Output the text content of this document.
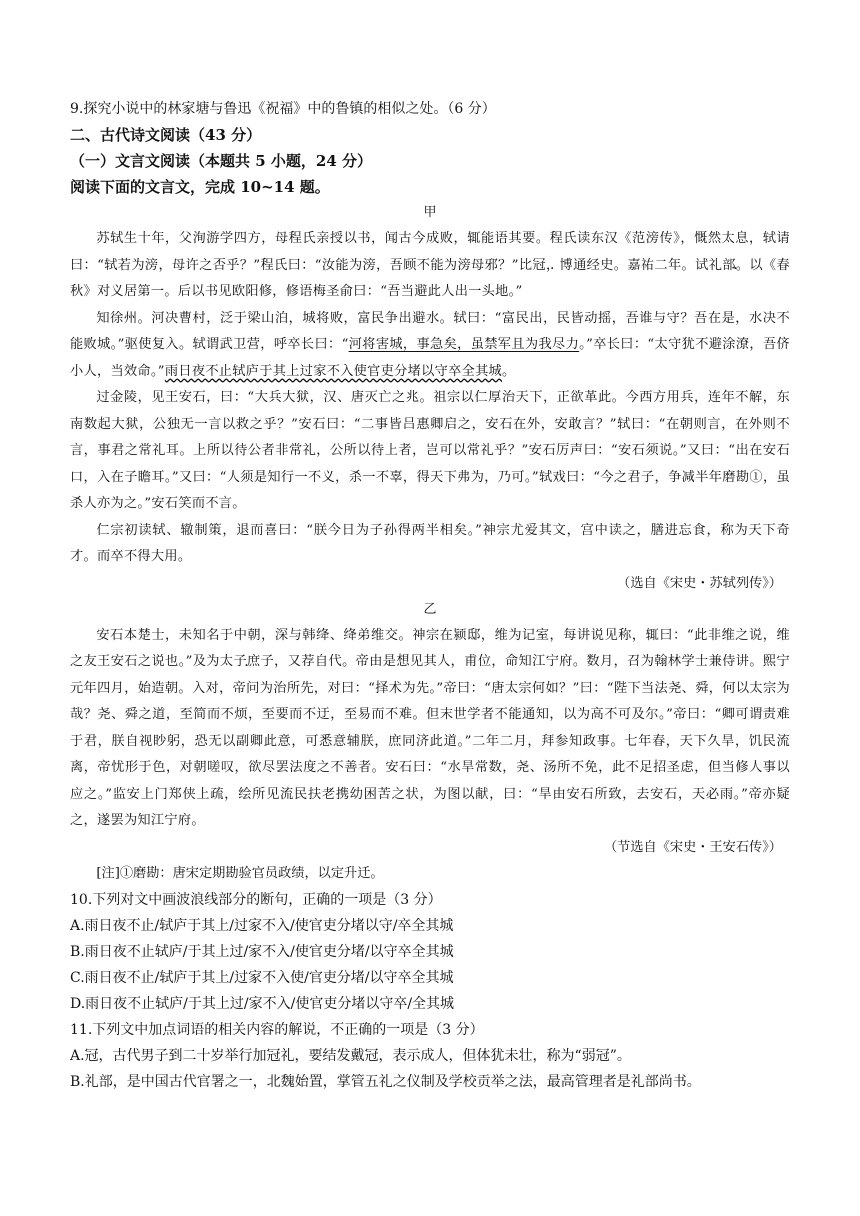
9.探究小说中的林家塘与鲁迅《祝福》中的鲁镇的相似之处。（6 分）
二、古代诗文阅读（43 分）
（一）文言文阅读（本题共 5 小题，24 分）
阅读下面的文言文，完成 10~14 题。
甲
苏轼生十年，父洵游学四方，母程氏亲授以书，闻古今成败，辄能语其要。程氏读东汉《范滂传》，慨然太息，轼请曰：“轼若为滂，母许之否乎？”程氏曰：“汝能为滂，吾顾不能为滂母邪？”比冠，博通经史。嘉祐二年。试礼部。以《春秋》对义居第一。后以书见欧阳修，修语梅圣俞曰：“吾当避此人出一头地。”
知徐州。河决曹村，泛于梁山泊，城将败，富民争出避水。轼曰：“富民出，民皆动摇，吾谁与守？吾在是，水决不能败城。”驱使复入。轼谓武卫营，呼卒长曰：“河将害城，事急矣，虽禁军且为我尽力。”卒长曰：“太守犹不避涂潦，吾侪小人，当效命。”雨日夜不止轼庐于其上过家不入使官吏分堵以守卒全其城。
过金陵，见王安石，曰：“大兵大狱，汉、唐灭亡之兆。祖宗以仁厚治天下，正欲革此。今西方用兵，连年不解，东南数起大狱，公独无一言以救之乎？”安石曰：“二事皆吕惠卿启之，安石在外，安敢言？”轼曰：“在朝则言，在外则不言，事君之常礼耳。上所以待公者非常礼，公所以待上者，岂可以常礼乎？”安石厉声曰：“安石须说。”又曰：“出在安石口，入在子瞻耳。”又曰：“人须是知行一不义，杀一不辜，得天下弗为，乃可。”轼戏曰：“今之君子，争减半年磨勘①，虽杀人亦为之。”安石笑而不言。
仁宗初读轼、辙制策，退而喜曰：“朕今日为子孙得两半相矣。”神宗尤爱其文，宫中读之，膳进忘食，称为天下奇才。而卒不得大用。
（选自《宋史・苏轼列传》）
乙
安石本楚士，未知名于中朝，深与韩绛、绛弟维交。神宗在颍邸，维为记室，每讲说见称，辄曰：“此非维之说，维之友王安石之说也。”及为太子庶子，又荐自代。帝由是想见其人，甫位，命知江宁府。数月，召为翰林学士兼侍讲。熙宁元年四月，始造朝。入对，帝问为治所先，对曰：“择术为先。”帝曰：“唐太宗何如？”曰：“陛下当法尧、舜，何以太宗为哉？尧、舜之道，至简而不烦，至要而不迂，至易而不难。但末世学者不能通知，以为高不可及尔。”帝曰：“卿可谓责难于君，朕自视眇躬，恐无以副卿此意，可悉意辅朕，庶同济此道。”二年二月，拜参知政事。七年春，天下久旱，饥民流离，帝忧形于色，对朝嗟叹，欲尽罢法度之不善者。安石曰：“水旱常数，尧、汤所不免，此不足招圣虑，但当修人事以应之。”监安上门郑侠上疏，绘所见流民扶老携幼困苦之状，为图以献，曰：“旱由安石所致，去安石，天必雨。”帝亦疑之，遂罢为知江宁府。
（节选自《宋史・王安石传》）
[注]①磨勘：唐宋定期勘验官员政绩，以定升迁。
10.下列对文中画波浪线部分的断句，正确的一项是（3 分）
A.雨日夜不止/轼庐于其上/过家不入/使官吏分堵以守/卒全其城
B.雨日夜不止轼庐/于其上过/家不入/使官吏分堵/以守卒全其城
C.雨日夜不止/轼庐于其上/过家不入使/官吏分堵/以守卒全其城
D.雨日夜不止轼庐/于其上过/家不入/使官吏分堵以守卒/全其城
11.下列文中加点词语的相关内容的解说，不正确的一项是（3 分）
A.冠，古代男子到二十岁举行加冠礼，要结发戴冠，表示成人，但体犹未壮，称为“弱冠”。
B.礼部，是中国古代官署之一，北魏始置，掌管五礼之仪制及学校贡举之法，最高管理者是礼部尚书。
